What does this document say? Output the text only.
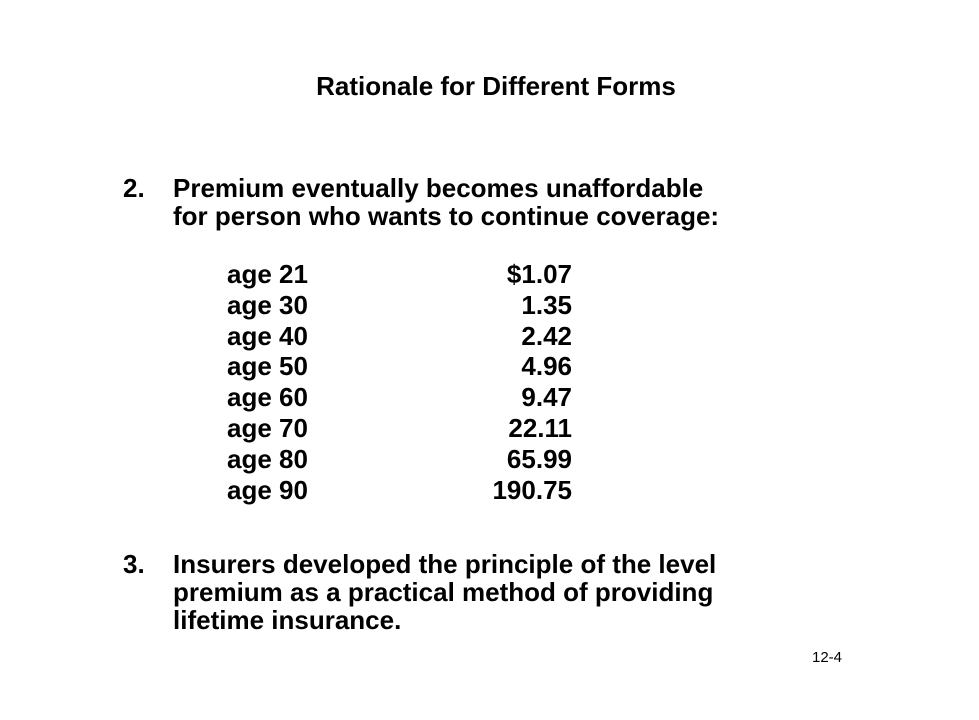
Rationale for Different Forms
2.	Premium eventually becomes unaffordable
for person who wants to continue coverage:
age 21	$1.07
age 30	1.35
age 40	2.42
age 50	4.96
age 60	9.47
age 70	22.11
age 80	65.99
age 90	190.75
3.	Insurers developed the principle of the level
premium as a practical method of providing
lifetime insurance.
12-4
